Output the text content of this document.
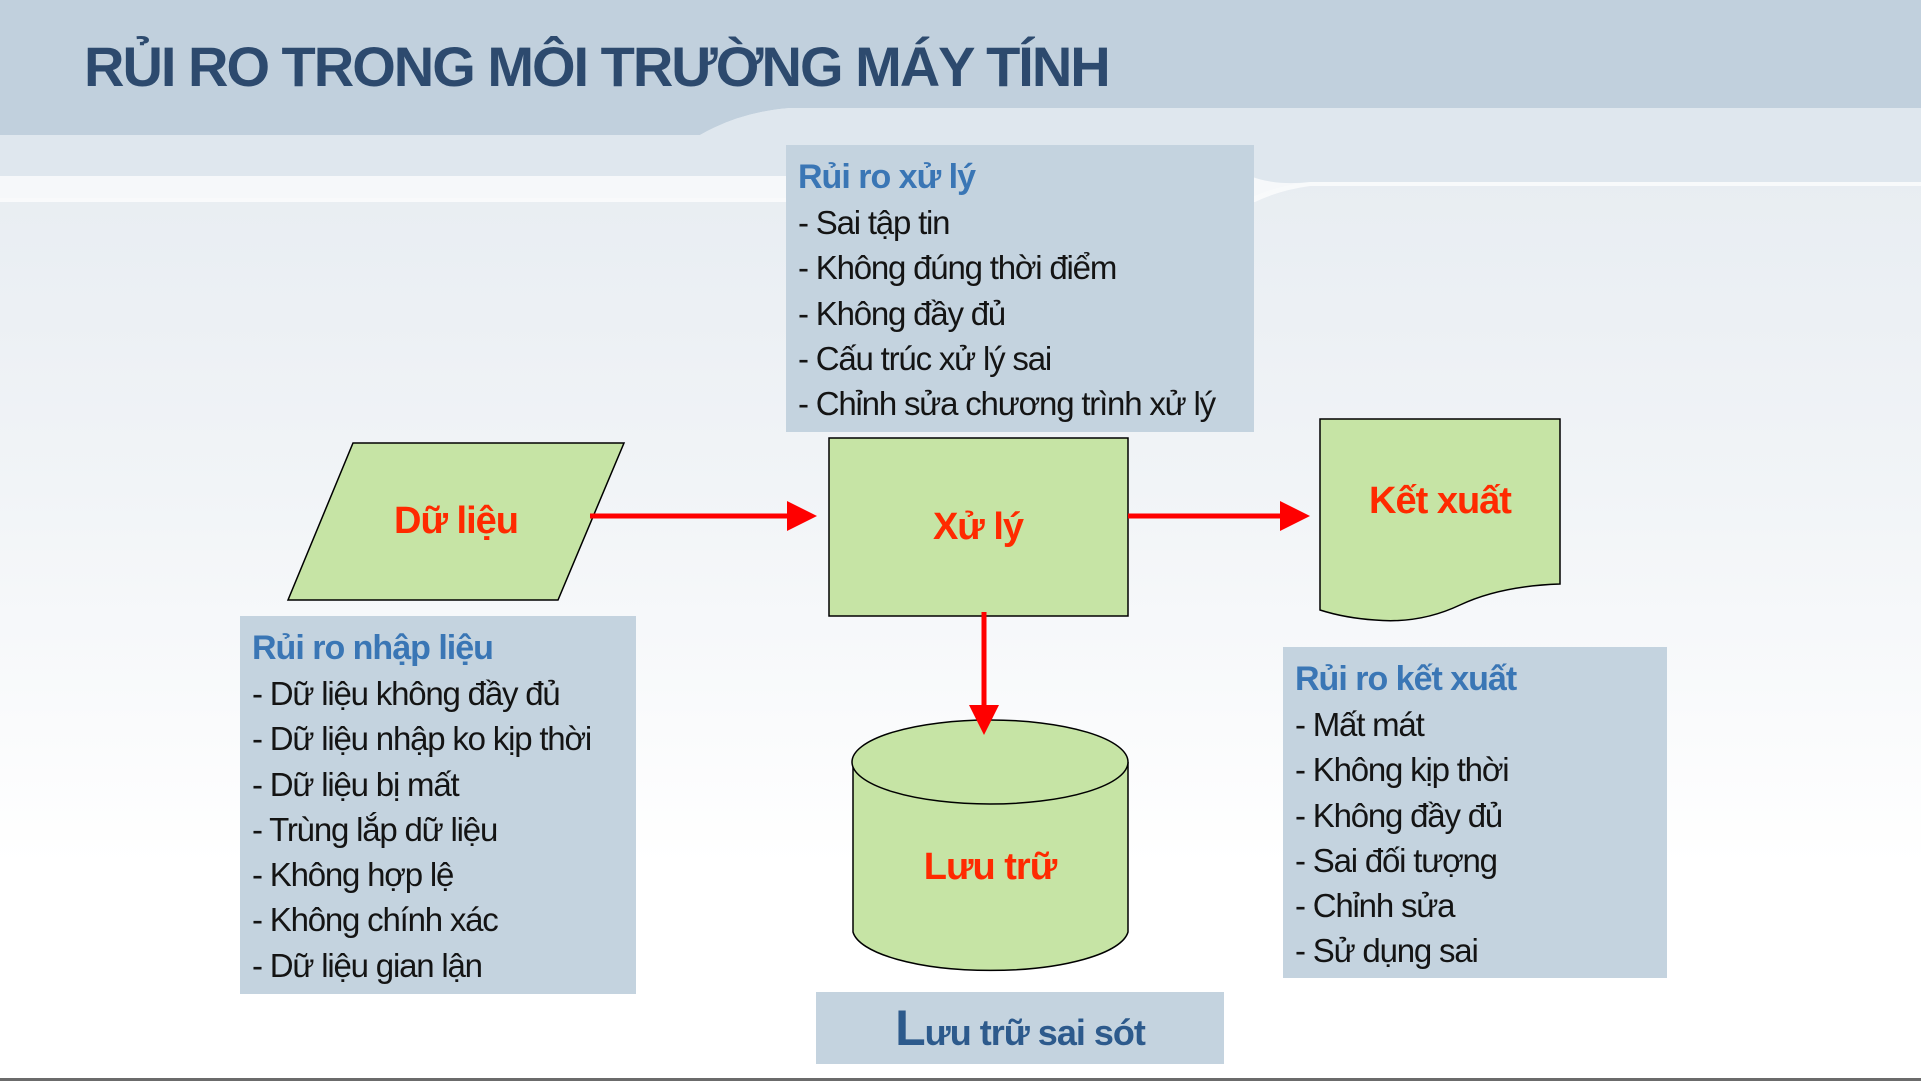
RỦI RO TRONG MÔI TRƯỜNG MÁY TÍNH
Dữ liệu	Xử lý
Kết xuất
Lưu trữ
Rủi ro xử lý
- Sai tập tin
- Không đúng thời điểm
- Không đầy đủ
- Cấu trúc xử lý sai
- Chỉnh sửa chương trình xử lý
Rủi ro nhập liệu
- Dữ liệu không đầy đủ
- Dữ liệu nhập ko kịp thời
- Dữ liệu bị mất
- Trùng lắp dữ liệu
- Không hợp lệ
- Không chính xác
- Dữ liệu gian lận
Rủi ro kết xuất
- Mất mát
- Không kịp thời
- Không đầy đủ
- Sai đối tượng
- Chỉnh sửa
- Sử dụng sai
Lưu trữ sai sót
